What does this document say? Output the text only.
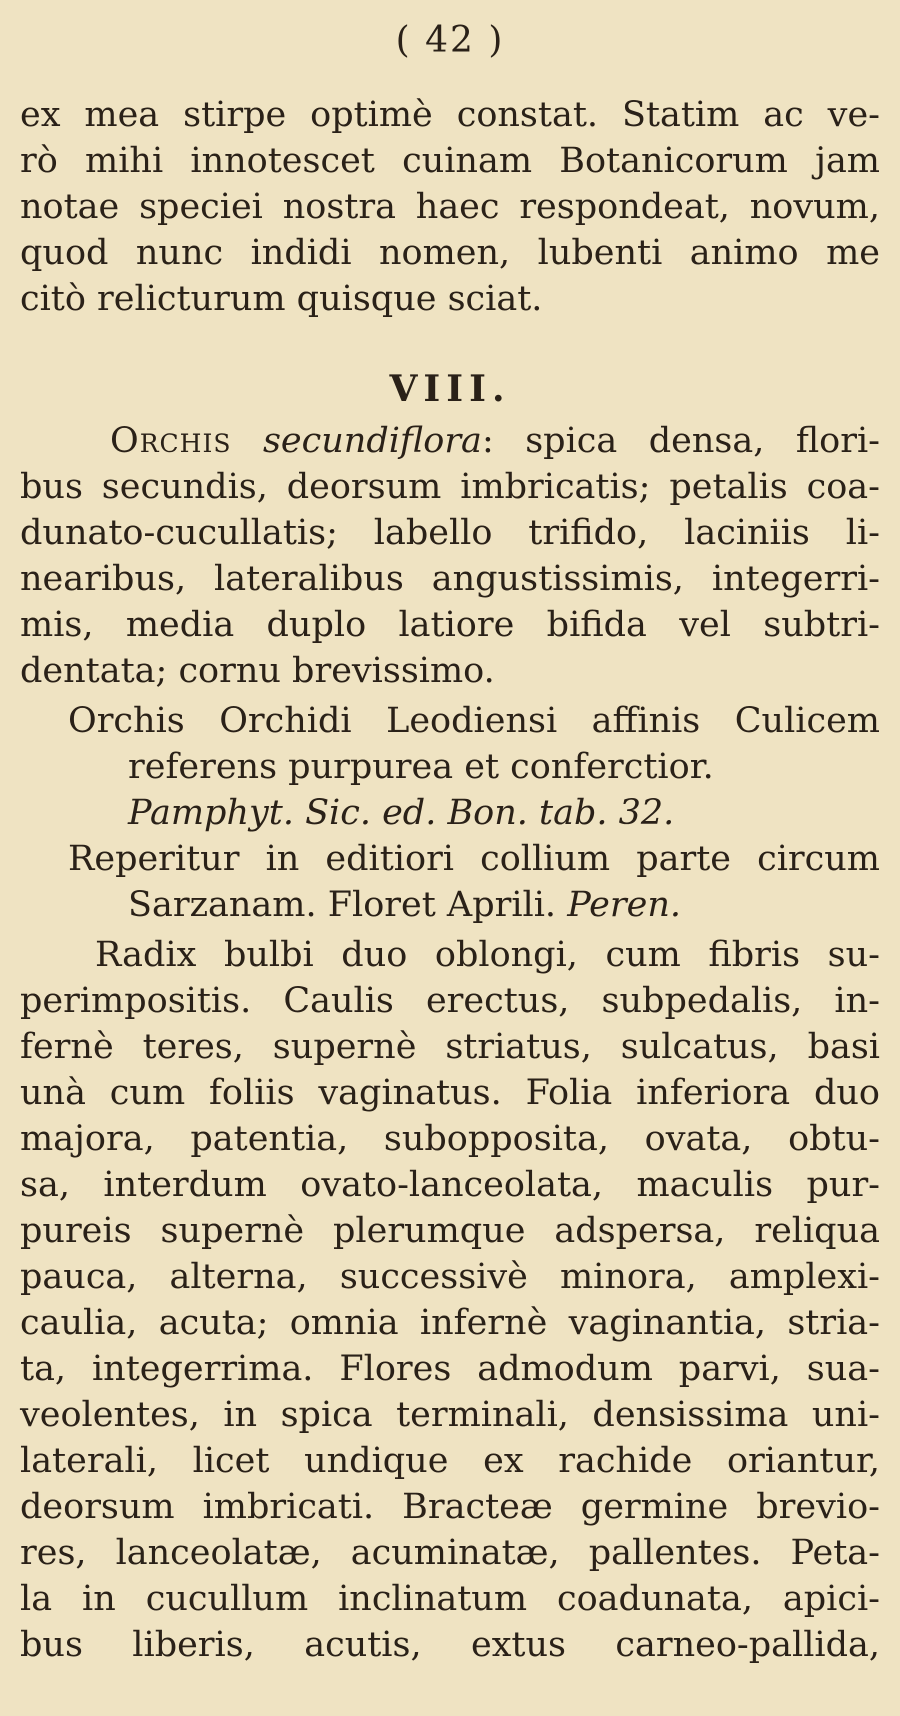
( 42 )
ex mea stirpe optimè constat. Statim ac ve-
rò mihi innotescet cuinam Botanicorum jam
notae speciei nostra haec respondeat, novum,
quod nunc indidi nomen, lubenti animo me
citò relicturum quisque sciat.
VIII.
Orchis secundiflora: spica densa, flori-
bus secundis, deorsum imbricatis; petalis coa-
dunato-cucullatis; labello trifido, laciniis li-
nearibus, lateralibus angustissimis, integerri-
mis, media duplo latiore bifida vel subtri-
dentata; cornu brevissimo.
Orchis Orchidi Leodiensi affinis Culicem
referens purpurea et conferctior.
Pamphyt. Sic. ed. Bon. tab. 32.
Reperitur in editiori collium parte circum
Sarzanam. Floret Aprili. Peren.
Radix bulbi duo oblongi, cum fibris su-
perimpositis. Caulis erectus, subpedalis, in-
fernè teres, supernè striatus, sulcatus, basi
unà cum foliis vaginatus. Folia inferiora duo
majora, patentia, subopposita, ovata, obtu-
sa, interdum ovato-lanceolata, maculis pur-
pureis supernè plerumque adspersa, reliqua
pauca, alterna, successivè minora, amplexi-
caulia, acuta; omnia infernè vaginantia, stria-
ta, integerrima. Flores admodum parvi, sua-
veolentes, in spica terminali, densissima uni-
laterali, licet undique ex rachide oriantur,
deorsum imbricati. Bracteæ germine brevio-
res, lanceolatæ, acuminatæ, pallentes. Peta-
la in cucullum inclinatum coadunata, apici-
bus liberis, acutis, extus carneo-pallida,
